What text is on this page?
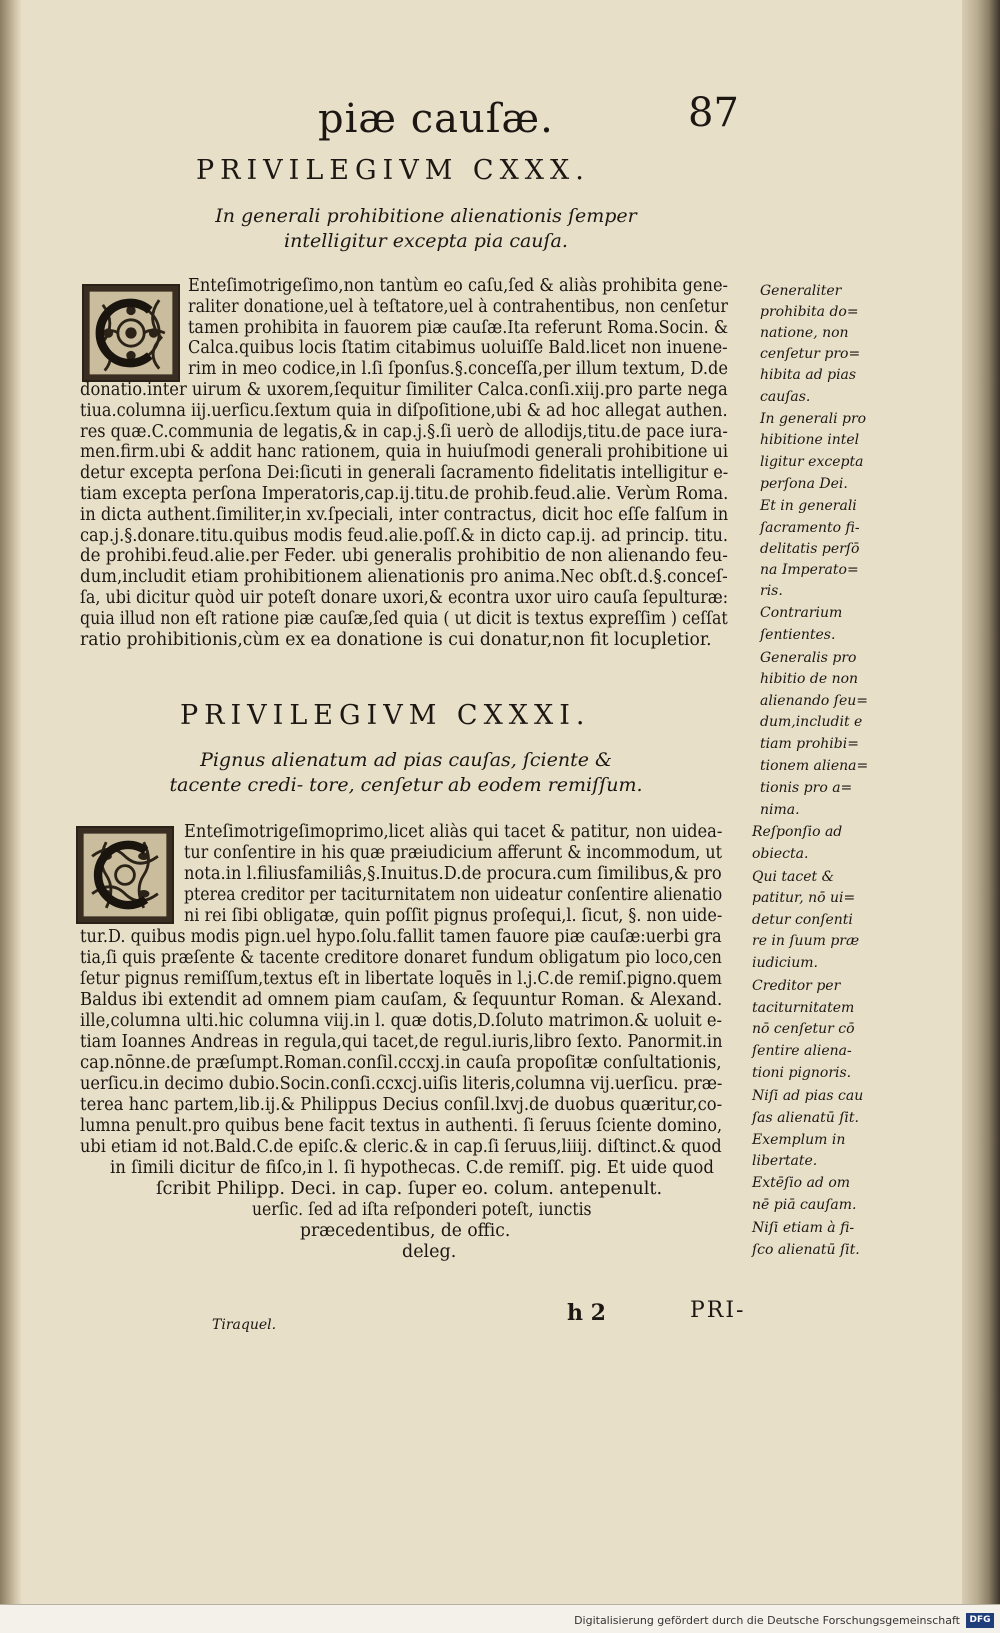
piæ cauſæ.	87
PRIVILEGIVM CXXX.
In generali prohibitione alienationis ſemper intelligitur excepta pia cauſa.
Enteſimotrigeſimo,non tantùm eo caſu,ſed & aliàs prohibita gene-
raliter donatione,uel à teſtatore,uel à contrahentibus, non cenſetur
tamen prohibita in fauorem piæ cauſæ.Ita referunt Roma.Socin. &
Calca.quibus locis ſtatim citabimus uoluiſſe Bald.licet non inuene-
rim in meo codice,in l.ſi ſponſus.§.conceſſa,per illum textum, D.de
donatio.inter uirum & uxorem,ſequitur ſimiliter Calca.conſi.xiij.pro parte nega
tiua.columna iij.uerſicu.ſextum quia in diſpoſitione,ubi & ad hoc allegat authen.
res quæ.C.communia de legatis,& in cap.j.§.ſi uerò de allodijs,titu.de pace iura-
men.firm.ubi & addit hanc rationem, quia in huiuſmodi generali prohibitione ui
detur excepta perſona Dei:ſicuti in generali ſacramento fidelitatis intelligitur e-
tiam excepta perſona Imperatoris,cap.ij.titu.de prohib.feud.alie. Verùm Roma.
in dicta authent.ſimiliter,in xv.ſpeciali, inter contractus, dicit hoc eſſe falſum in
cap.j.§.donare.titu.quibus modis feud.alie.poſſ.& in dicto cap.ij. ad princip. titu.
de prohibi.feud.alie.per Feder. ubi generalis prohibitio de non alienando feu-
dum,includit etiam prohibitionem alienationis pro anima.Nec obſt.d.§.conceſ-
ſa, ubi dicitur quòd uir poteſt donare uxori,& econtra uxor uiro cauſa ſepulturæ:
quia illud non eſt ratione piæ cauſæ,ſed quia ( ut dicit is textus expreſſim ) ceſſat
ratio prohibitionis,cùm ex ea donatione is cui donatur,non fit locupletior.
PRIVILEGIVM CXXXI.
Pignus alienatum ad pias cauſas, ſciente & tacente credi- tore, cenſetur ab eodem remiſſum.
Enteſimotrigeſimoprimo,licet aliàs qui tacet & patitur, non uidea-
tur conſentire in his quæ præiudicium afferunt & incommodum, ut
nota.in l.filiusfamiliâs,§.Inuitus.D.de procura.cum ſimilibus,& pro
pterea creditor per taciturnitatem non uideatur conſentire alienatio
ni rei ſibi obligatæ, quin poſſit pignus proſequi,l. ſicut, §. non uide-
tur.D. quibus modis pign.uel hypo.ſolu.fallit tamen fauore piæ cauſæ:uerbi gra
tia,ſi quis præſente & tacente creditore donaret fundum obligatum pio loco,cen
ſetur pignus remiſſum,textus eſt in libertate loquēs in l.j.C.de remiſ.pigno.quem
Baldus ibi extendit ad omnem piam cauſam, & ſequuntur Roman. & Alexand.
ille,columna ulti.hic columna viij.in l. quæ dotis,D.ſoluto matrimon.& uoluit e-
tiam Ioannes Andreas in regula,qui tacet,de regul.iuris,libro ſexto. Panormit.in
cap.nōnne.de præſumpt.Roman.conſil.cccxj.in cauſa propoſitæ conſultationis,
uerſicu.in decimo dubio.Socin.conſi.ccxcj.uiſis literis,columna vij.uerſicu. præ-
terea hanc partem,lib.ij.& Philippus Decius conſil.lxvj.de duobus quæritur,co-
lumna penult.pro quibus bene facit textus in authenti. ſi ſeruus ſciente domino,
ubi etiam id not.Bald.C.de epiſc.& cleric.& in cap.ſi ſeruus,liiij. diſtinct.& quod
in ſimili dicitur de fiſco,in l. ſi hypothecas. C.de remiſſ. pig. Et uide quod
ſcribit Philipp. Deci. in cap. ſuper eo. colum. antepenult.
uerſic. ſed ad iſta reſponderi poteſt, iunctis
præcedentibus, de offic.
deleg.
Generaliter
prohibita do=
natione, non
cenſetur pro=
hibita ad pias
cauſas.
In generali pro
hibitione intel
ligitur excepta
perſona Dei.
Et in generali
ſacramento fi-
delitatis perſō
na Imperato=
ris.
Contrarium
ſentientes.
Generalis pro
hibitio de non
alienando ſeu=
dum,includit e
tiam prohibi=
tionem aliena=
tionis pro a=
nima.
Reſponſio ad
obiecta.
Qui tacet &
patitur, nō ui=
detur conſenti
re in ſuum præ
iudicium.
Creditor per
taciturnitatem
nō cenſetur cō
ſentire aliena-
tioni pignoris.
Niſi ad pias cau
ſas alienatū ſit.
Exemplum in
libertate.
Extēſio ad om
nē piā cauſam.
Niſi etiam à fi-
ſco alienatū ſit.
Tiraquel.	h 2	PRI-
Digitalisierung gefördert durch die Deutsche Forschungsgemeinschaft	DFG
